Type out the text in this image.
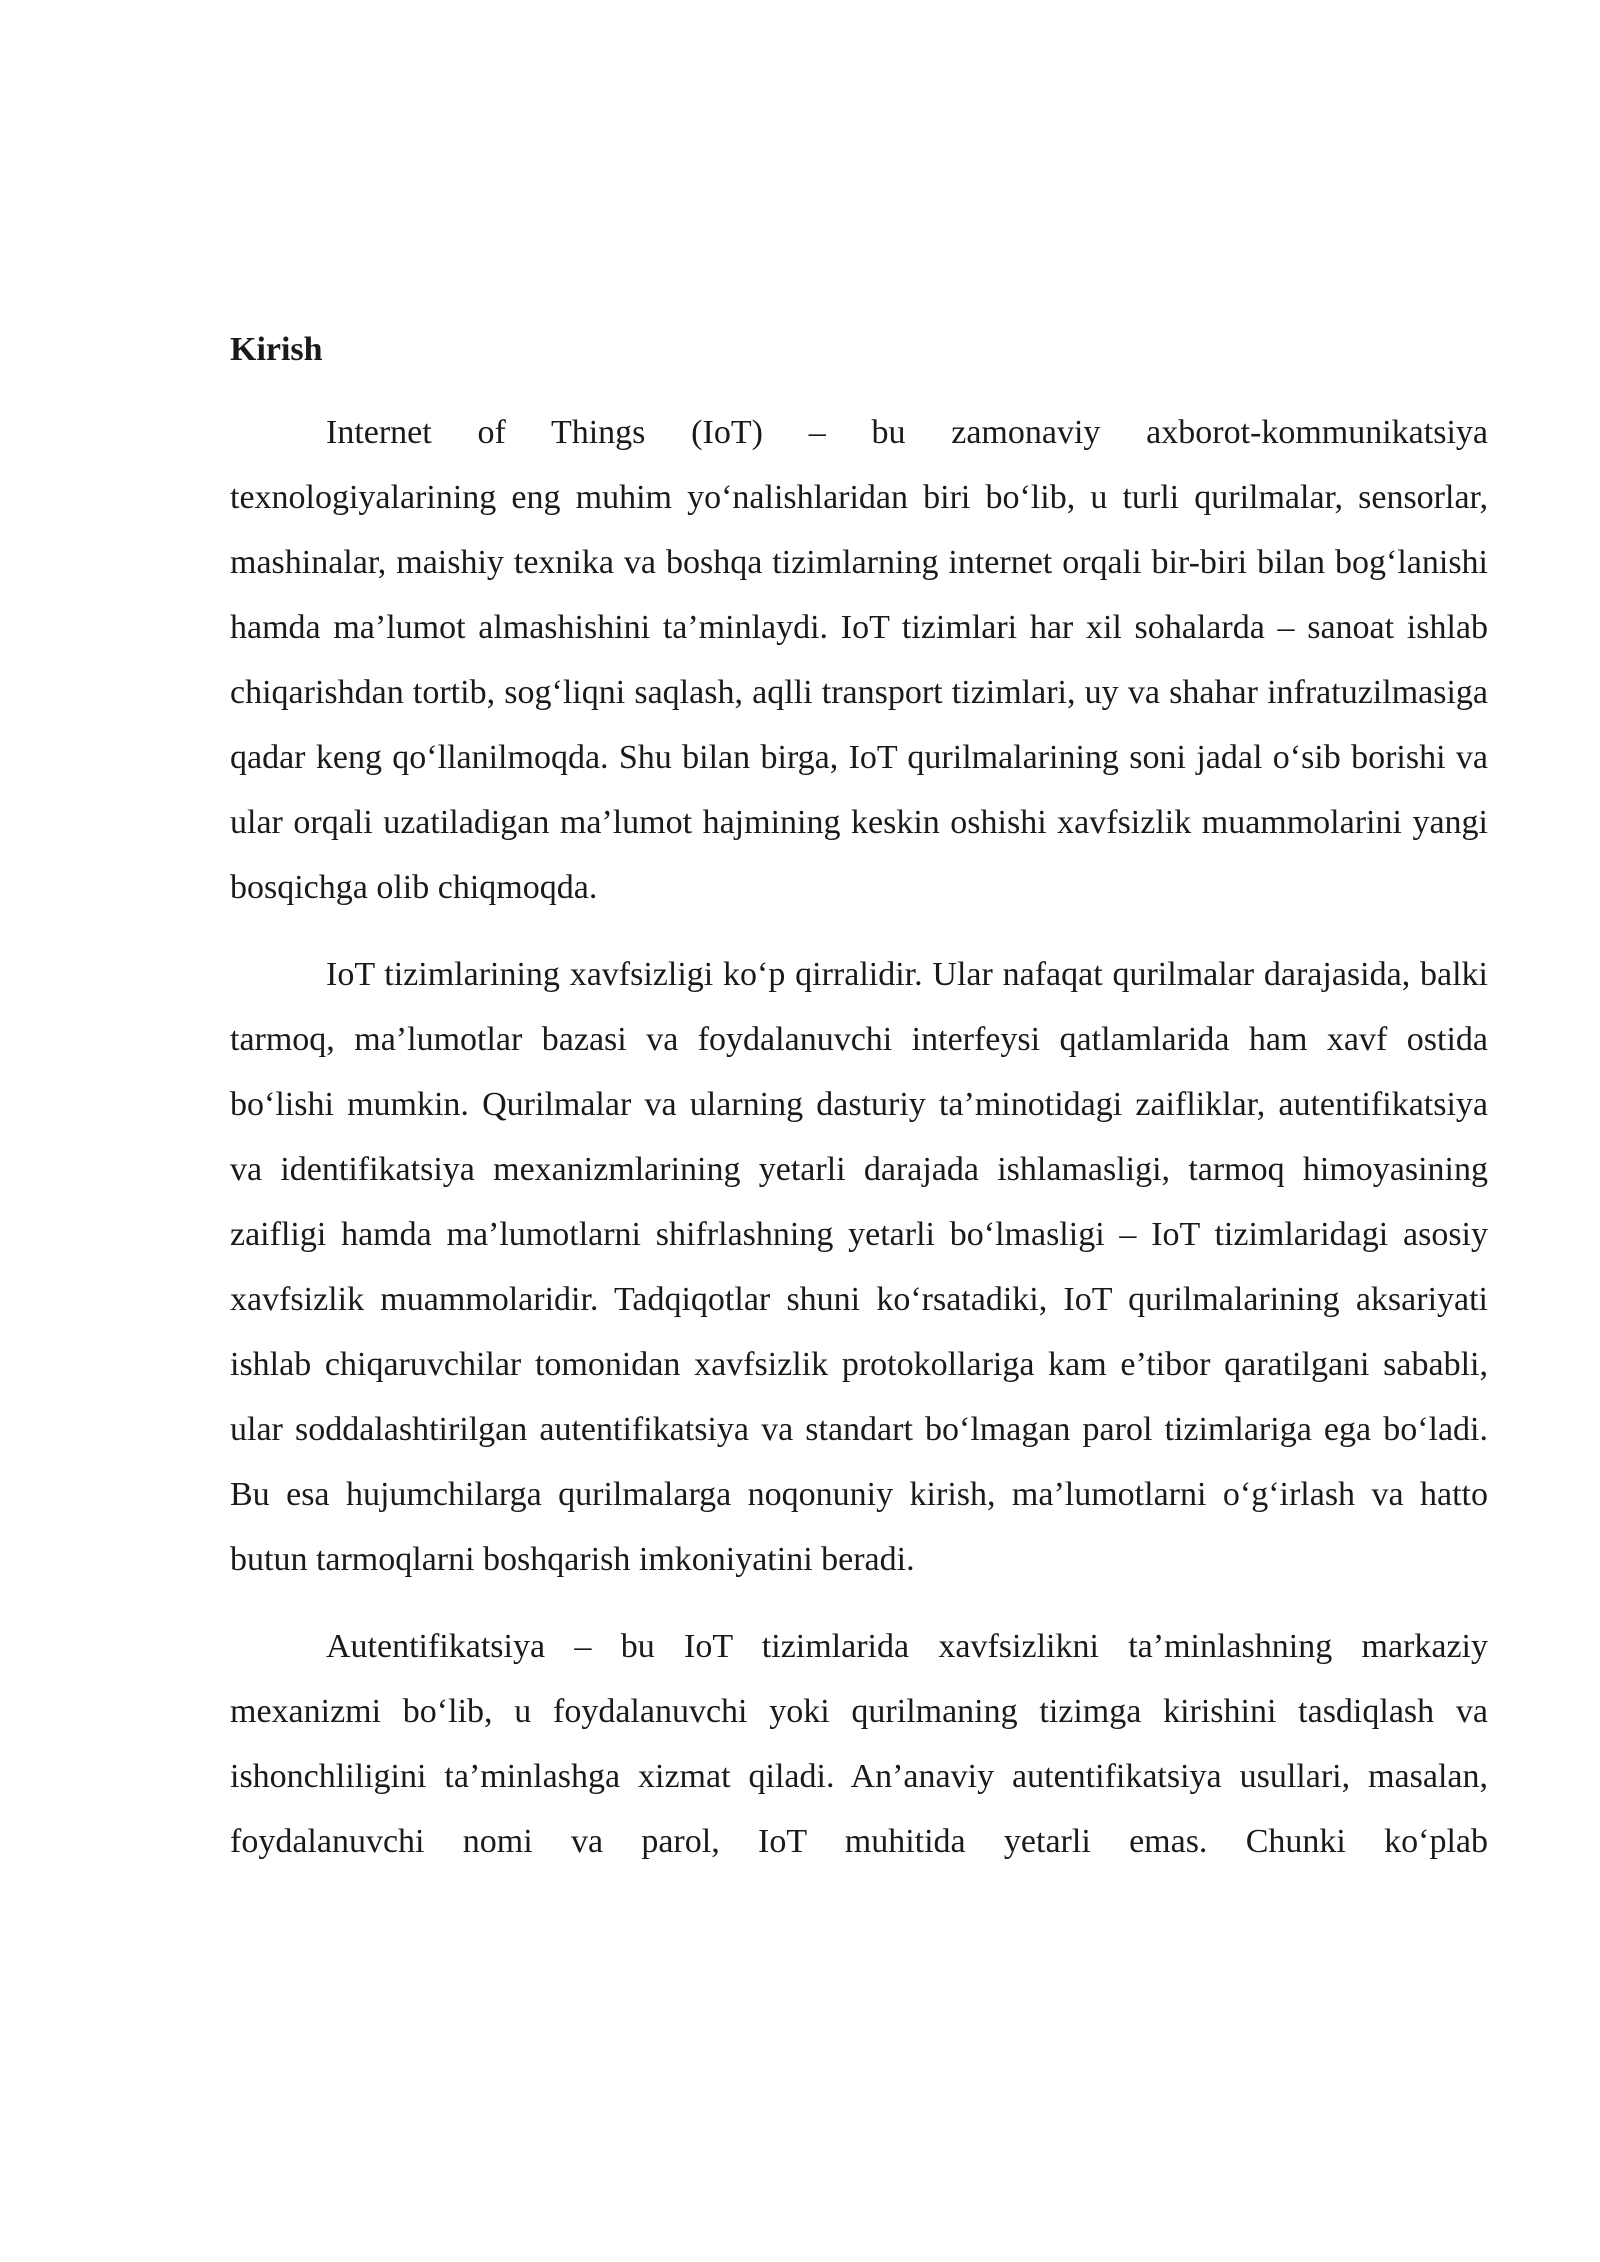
Kirish

Internet of Things (IoT) – bu zamonaviy axborot-kommunikatsiya texnologiyalarining eng muhim yo‘nalishlaridan biri bo‘lib, u turli qurilmalar, sensorlar, mashinalar, maishiy texnika va boshqa tizimlarning internet orqali bir-biri bilan bog‘lanishi hamda ma’lumot almashishini ta’minlaydi. IoT tizimlari har xil sohalarda – sanoat ishlab chiqarishdan tortib, sog‘liqni saqlash, aqlli transport tizimlari, uy va shahar infratuzilmasiga qadar keng qo‘llanilmoqda. Shu bilan birga, IoT qurilmalarining soni jadal o‘sib borishi va ular orqali uzatiladigan ma’lumot hajmining keskin oshishi xavfsizlik muammolarini yangi bosqichga olib chiqmoqda.

IoT tizimlarining xavfsizligi ko‘p qirralidir. Ular nafaqat qurilmalar darajasida, balki tarmoq, ma’lumotlar bazasi va foydalanuvchi interfeysi qatlamlarida ham xavf ostida bo‘lishi mumkin. Qurilmalar va ularning dasturiy ta’minotidagi zaifliklar, autentifikatsiya va identifikatsiya mexanizmlarining yetarli darajada ishlamasligi, tarmoq himoyasining zaifligi hamda ma’lumotlarni shifrlashning yetarli bo‘lmasligi – IoT tizimlaridagi asosiy xavfsizlik muammolaridir. Tadqiqotlar shuni ko‘rsatadiki, IoT qurilmalarining aksariyati ishlab chiqaruvchilar tomonidan xavfsizlik protokollariga kam e’tibor qaratilgani sababli, ular soddalashtirilgan autentifikatsiya va standart bo‘lmagan parol tizimlariga ega bo‘ladi. Bu esa hujumchilarga qurilmalarga noqonuniy kirish, ma’lumotlarni o‘g‘irlash va hatto butun tarmoqlarni boshqarish imkoniyatini beradi.

Autentifikatsiya – bu IoT tizimlarida xavfsizlikni ta’minlashning markaziy mexanizmi bo‘lib, u foydalanuvchi yoki qurilmaning tizimga kirishini tasdiqlash va ishonchliligini ta’minlashga xizmat qiladi. An’anaviy autentifikatsiya usullari, masalan, foydalanuvchi nomi va parol, IoT muhitida yetarli emas. Chunki ko‘plab
